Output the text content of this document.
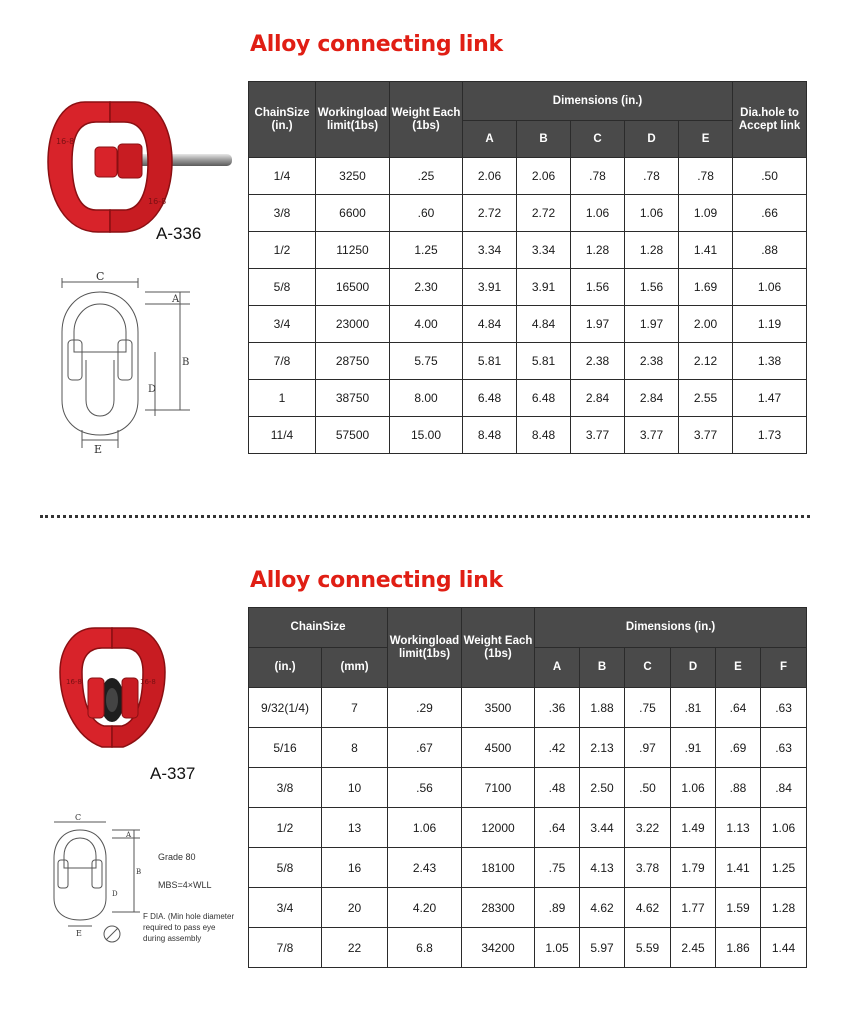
Alloy connecting link
16-8
16-8
A-336
C
A
B
D
E
ChainSize (in.)	Workingload limit(1bs)	Weight Each (1bs)	Dimensions (in.)					Dia.hole to Accept link
			A	B	C	D	E	
1/4	3250	.25	2.06	2.06	.78	.78	.78	.50
3/8	6600	.60	2.72	2.72	1.06	1.06	1.09	.66
1/2	11250	1.25	3.34	3.34	1.28	1.28	1.41	.88
5/8	16500	2.30	3.91	3.91	1.56	1.56	1.69	1.06
3/4	23000	4.00	4.84	4.84	1.97	1.97	2.00	1.19
7/8	28750	5.75	5.81	5.81	2.38	2.38	2.12	1.38
1	38750	8.00	6.48	6.48	2.84	2.84	2.55	1.47
11/4	57500	15.00	8.48	8.48	3.77	3.77	3.77	1.73
Alloy connecting link
16-8	16-8
A-337
C
A
B
D
E
Grade 80
MBS=4×WLL
F DIA. (Min hole diameter
required to pass eye
during assembly
ChainSize		Workingload limit(1bs)	Weight Each (1bs)	Dimensions (in.)					
(in.)	(mm)			A	B	C	D	E	F
9/32(1/4)	7	.29	3500	.36	1.88	.75	.81	.64	.63
5/16	8	.67	4500	.42	2.13	.97	.91	.69	.63
3/8	10	.56	7100	.48	2.50	.50	1.06	.88	.84
1/2	13	1.06	12000	.64	3.44	3.22	1.49	1.13	1.06
5/8	16	2.43	18100	.75	4.13	3.78	1.79	1.41	1.25
3/4	20	4.20	28300	.89	4.62	4.62	1.77	1.59	1.28
7/8	22	6.8	34200	1.05	5.97	5.59	2.45	1.86	1.44
